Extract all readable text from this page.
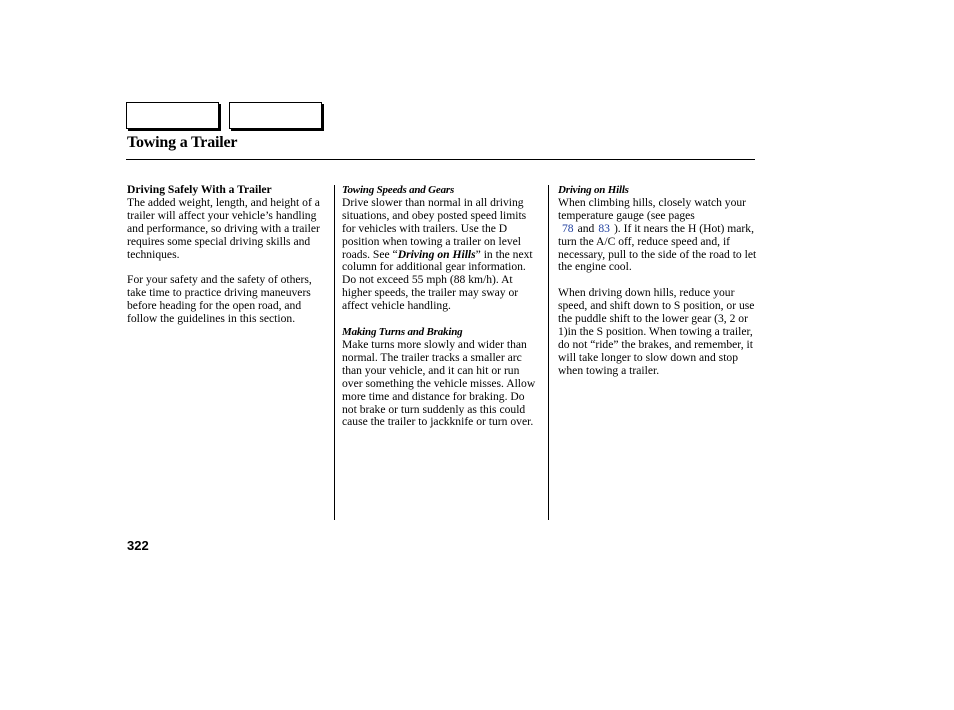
Towing a Trailer
Driving Safely With a Trailer
The added weight, length, and height of a trailer will affect your vehicle’s handling and performance, so driving with a trailer requires some special driving skills and techniques.
For your safety and the safety of others, take time to practice driving maneuvers before heading for the open road, and follow the guidelines in this section.
Towing Speeds and Gears
Drive slower than normal in all driving situations, and obey posted speed limits for vehicles with trailers. Use the D position when towing a trailer on level roads. See “Driving on Hills” in the next column for additional gear information. Do not exceed 55 mph (88 km/h). At higher speeds, the trailer may sway or affect vehicle handling.
Making Turns and Braking
Make turns more slowly and wider than normal. The trailer tracks a smaller arc than your vehicle, and it can hit or run over something the vehicle misses. Allow more time and distance for braking. Do not brake or turn suddenly as this could cause the trailer to jackknife or turn over.
Driving on Hills
When climbing hills, closely watch your temperature gauge (see pages
78 and 83 ). If it nears the H (Hot) mark, turn the A/C off, reduce speed and, if necessary, pull to the side of the road to let the engine cool.
When driving down hills, reduce your speed, and shift down to S position, or use the puddle shift to the lower gear (3, 2 or 1)in the S position. When towing a trailer, do not “ride” the brakes, and remember, it will take longer to slow down and stop when towing a trailer.
322
